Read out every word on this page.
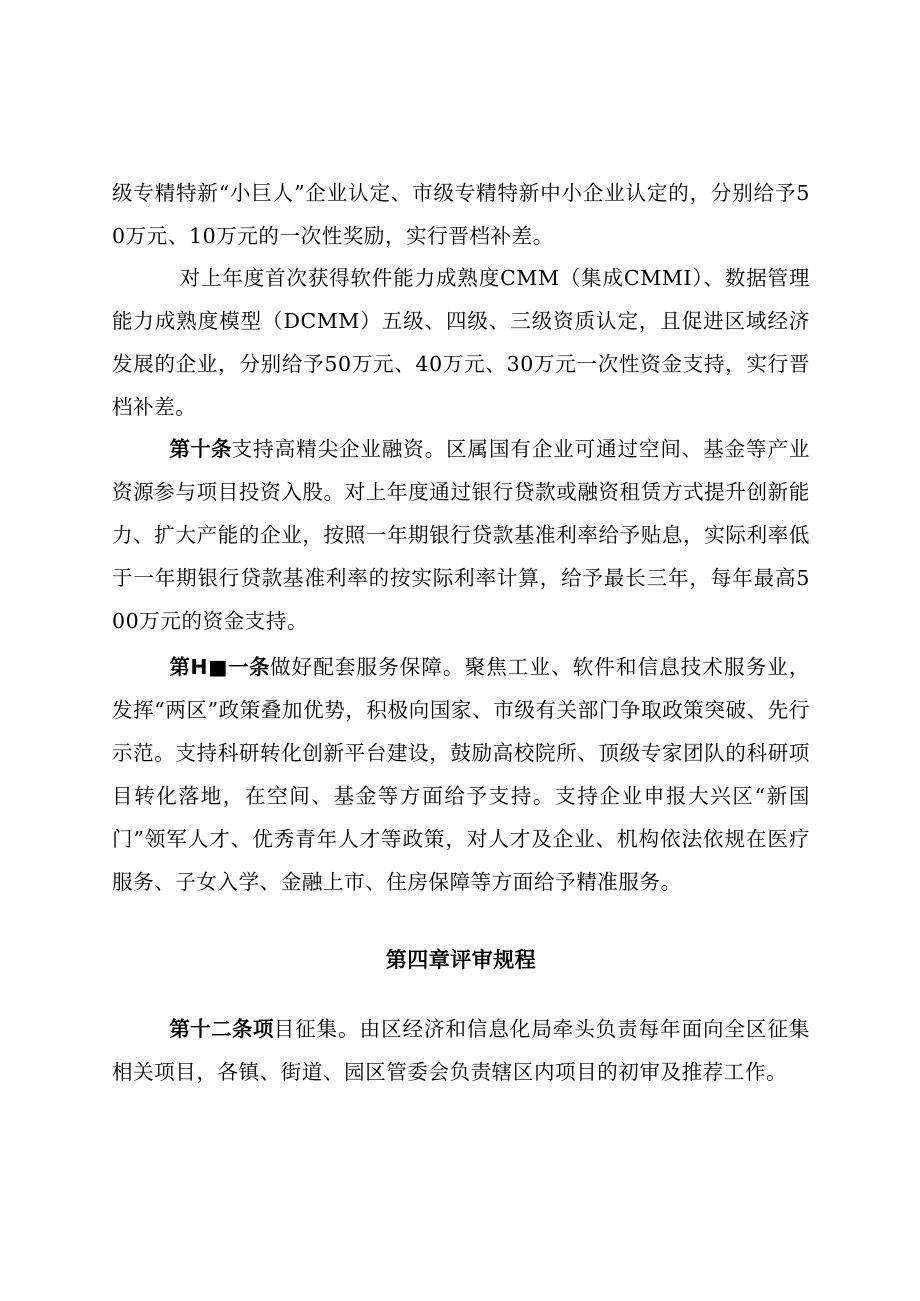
级专精特新“小巨人”企业认定、市级专精特新中小企业认定的，分别给予50万元、10万元的一次性奖励，实行晋档补差。

对上年度首次获得软件能力成熟度CMM（集成CMMI）、数据管理能力成熟度模型（DCMM）五级、四级、三级资质认定，且促进区域经济发展的企业，分别给予50万元、40万元、30万元一次性资金支持，实行晋档补差。

第十条支持高精尖企业融资。区属国有企业可通过空间、基金等产业资源参与项目投资入股。对上年度通过银行贷款或融资租赁方式提升创新能力、扩大产能的企业，按照一年期银行贷款基准利率给予贴息，实际利率低于一年期银行贷款基准利率的按实际利率计算，给予最长三年，每年最高500万元的资金支持。

第H■一条做好配套服务保障。聚焦工业、软件和信息技术服务业，发挥“两区”政策叠加优势，积极向国家、市级有关部门争取政策突破、先行示范。支持科研转化创新平台建设，鼓励高校院所、顶级专家团队的科研项目转化落地，在空间、基金等方面给予支持。支持企业申报大兴区“新国门”领军人才、优秀青年人才等政策，对人才及企业、机构依法依规在医疗服务、子女入学、金融上市、住房保障等方面给予精准服务。

第四章评审规程

第十二条项目征集。由区经济和信息化局牵头负责每年面向全区征集相关项目，各镇、街道、园区管委会负责辖区内项目的初审及推荐工作。
